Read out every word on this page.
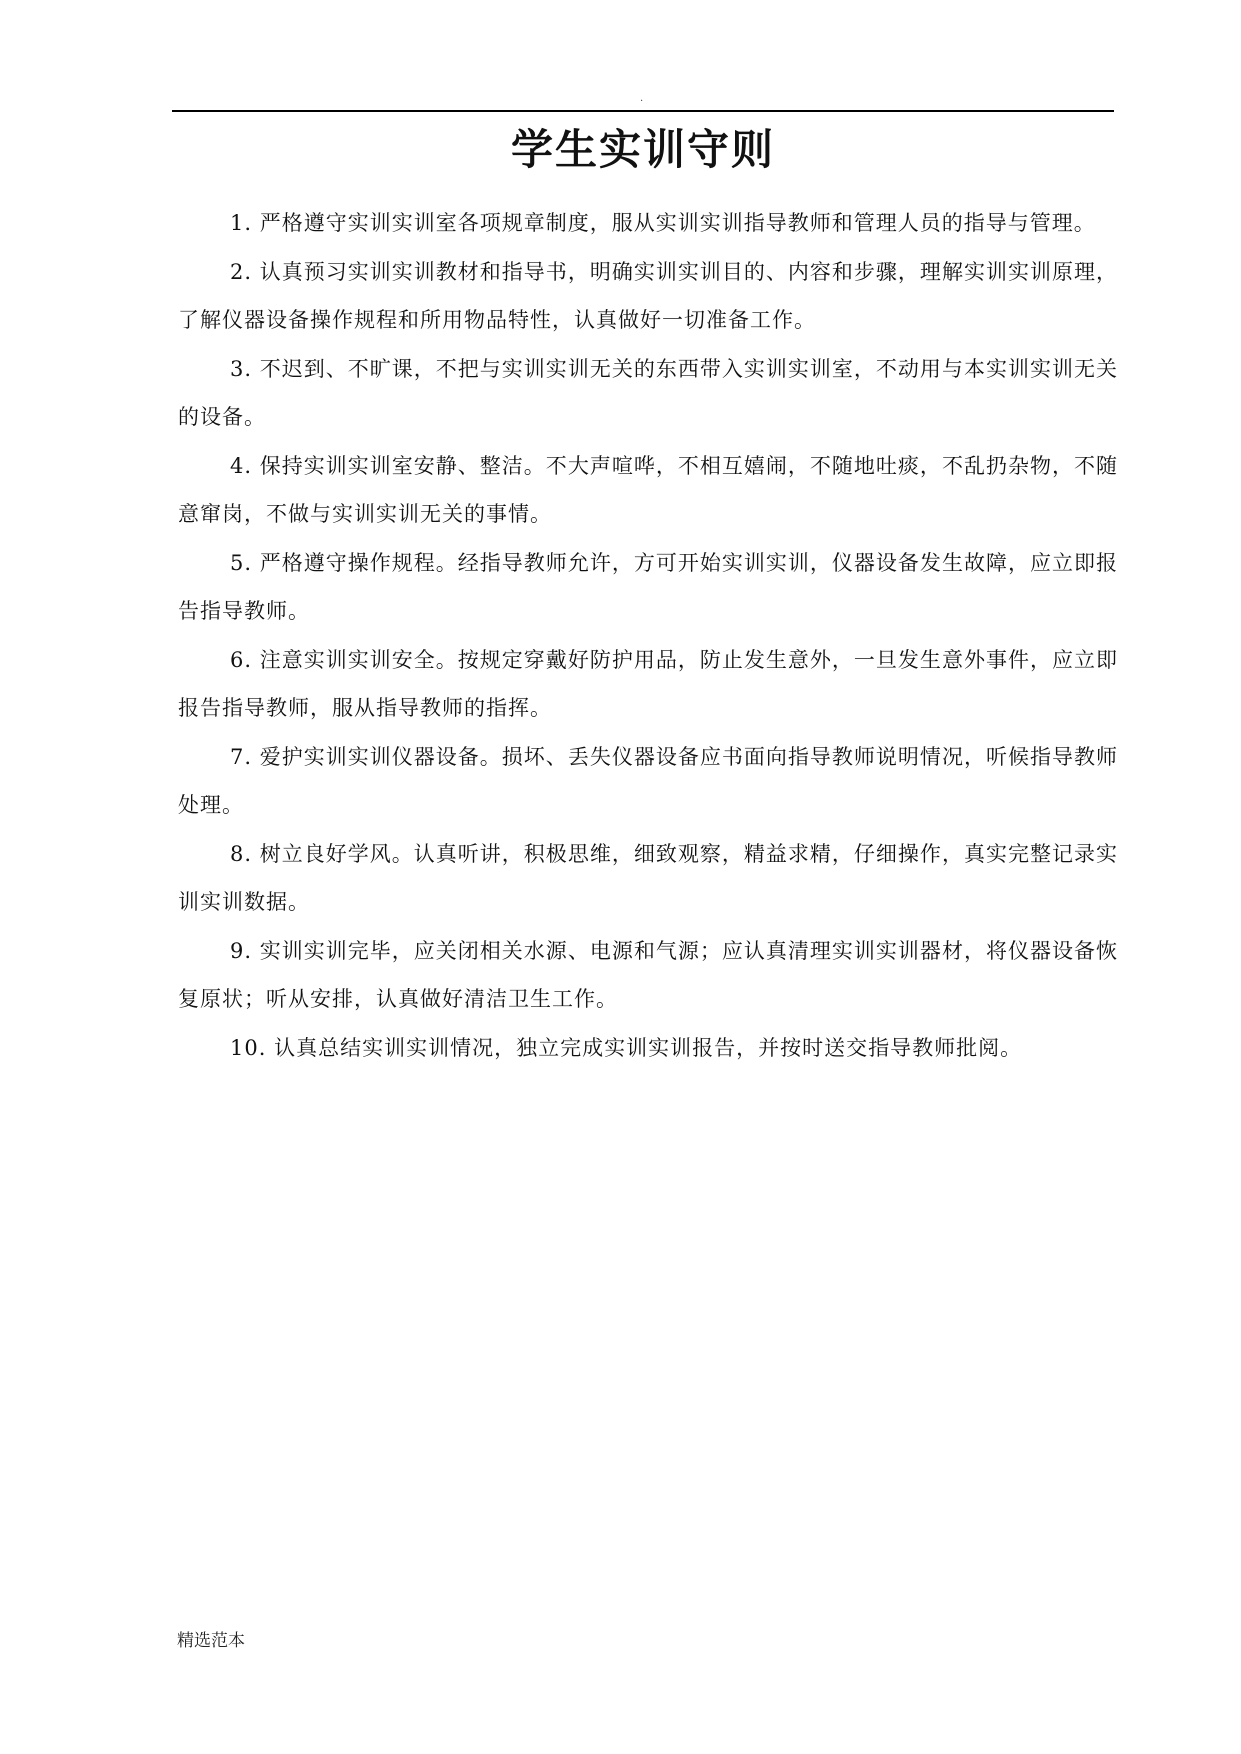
.
学生实训守则

1. 严格遵守实训实训室各项规章制度，服从实训实训指导教师和管理人员的指导与管理。

2. 认真预习实训实训教材和指导书，明确实训实训目的、内容和步骤，理解实训实训原理，了解仪器设备操作规程和所用物品特性，认真做好一切准备工作。

3. 不迟到、不旷课，不把与实训实训无关的东西带入实训实训室，不动用与本实训实训无关的设备。

4. 保持实训实训室安静、整洁。不大声喧哗，不相互嬉闹，不随地吐痰，不乱扔杂物，不随意窜岗，不做与实训实训无关的事情。

5. 严格遵守操作规程。经指导教师允许，方可开始实训实训，仪器设备发生故障，应立即报告指导教师。

6. 注意实训实训安全。按规定穿戴好防护用品，防止发生意外，一旦发生意外事件，应立即报告指导教师，服从指导教师的指挥。

7. 爱护实训实训仪器设备。损坏、丢失仪器设备应书面向指导教师说明情况，听候指导教师处理。

8. 树立良好学风。认真听讲，积极思维，细致观察，精益求精，仔细操作，真实完整记录实训实训数据。

9. 实训实训完毕，应关闭相关水源、电源和气源；应认真清理实训实训器材，将仪器设备恢复原状；听从安排，认真做好清洁卫生工作。

10. 认真总结实训实训情况，独立完成实训实训报告，并按时送交指导教师批阅。

精选范本
